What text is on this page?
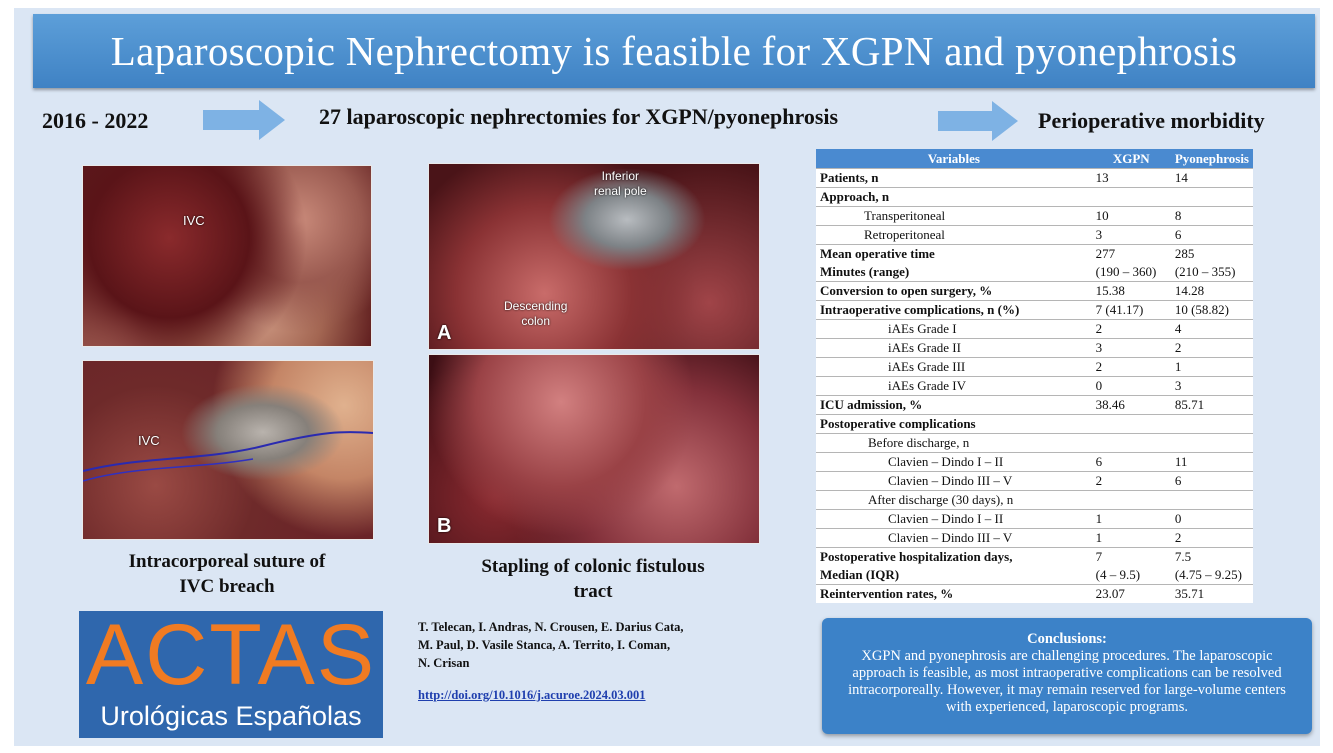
Laparoscopic Nephrectomy is feasible for XGPN and pyonephrosis
2016 - 2022	27 laparoscopic nephrectomies for XGPN/pyonephrosis	Perioperative morbidity
IVC
IVC
Intracorporeal suture of
IVC breach
Inferior
renal pole
Descending
colon
A
B
Stapling of colonic fistulous
tract
T. Telecan, I. Andras, N. Crousen, E. Darius Cata,
M. Paul, D. Vasile Stanca, A. Territo, I. Coman,
N. Crisan
http://doi.org/10.1016/j.acuroe.2024.03.001
ACTAS
Urológicas Españolas
Variables	XGPN	Pyonephrosis
Patients, n	13	14
Approach, n		
Transperitoneal	10	8
Retroperitoneal	3	6
Mean operative time	277	285
Minutes (range)	(190 – 360)	(210 – 355)
Conversion to open surgery, %	15.38	14.28
Intraoperative complications, n (%)	7 (41.17)	10 (58.82)
iAEs Grade I	2	4
iAEs Grade II	3	2
iAEs Grade III	2	1
iAEs Grade IV	0	3
ICU admission, %	38.46	85.71
Postoperative complications		
Before discharge, n		
Clavien – Dindo I – II	6	11
Clavien – Dindo III – V	2	6
After discharge (30 days), n		
Clavien – Dindo I – II	1	0
Clavien – Dindo III – V	1	2
Postoperative hospitalization days,	7	7.5
Median (IQR)	(4 – 9.5)	(4.75 – 9.25)
Reintervention rates, %	23.07	35.71
Conclusions:
XGPN and pyonephrosis are challenging procedures. The laparoscopic approach is feasible, as most intraoperative complications can be resolved intracorporeally. However, it may remain reserved for large-volume centers with experienced, laparoscopic programs.
